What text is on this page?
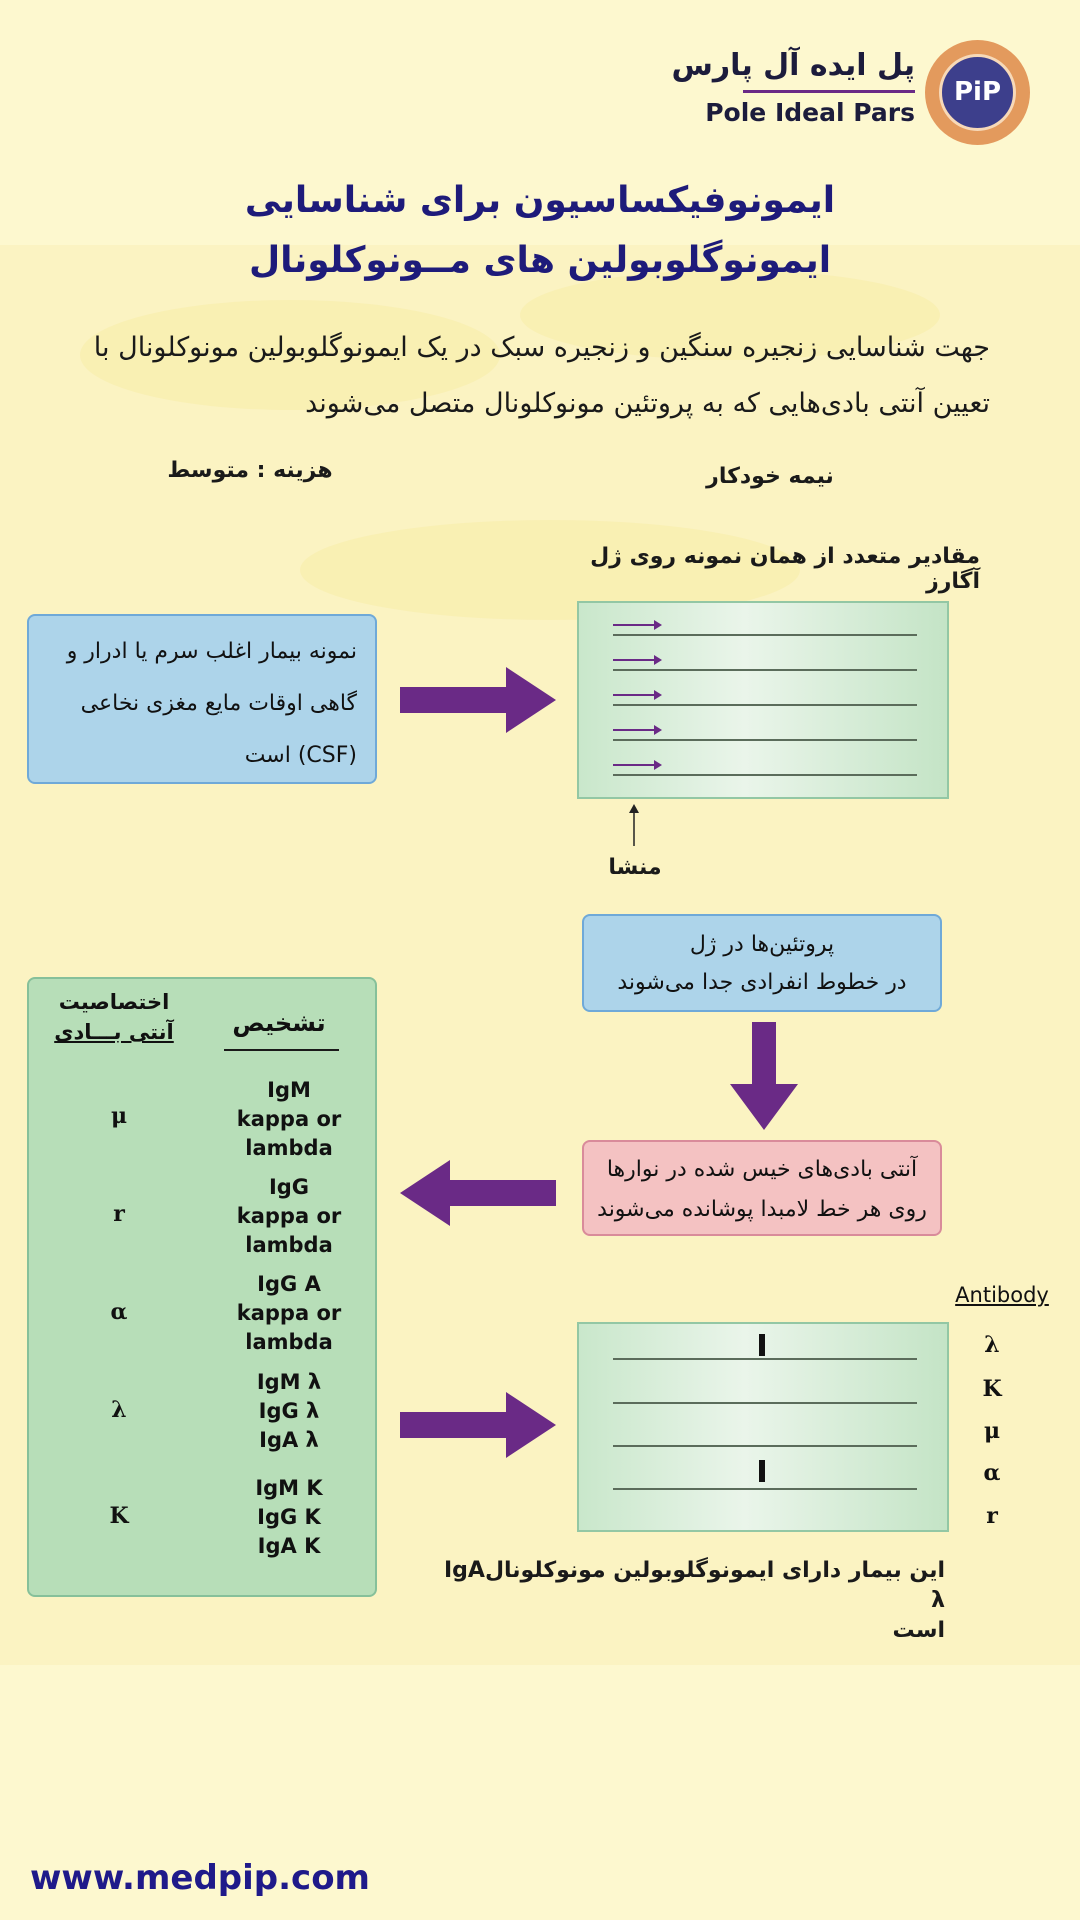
پل ایده آل پارس
Pole Ideal Pars
PiP
ایمونوفیکساسیون برای شناسایی
ایمونوگلوبولین های مــونوکلونال
جهت شناسایی زنجیره سنگین و زنجیره سبک در یک ایمونوگلوبولین مونوکلونال با تعیین آنتی بادی‌هایی که به پروتئین مونوکلونال متصل می‌شوند
هزینه : متوسط	نیمه خودکار
مقادیر متعدد از همان نمونه روی ژل آگارز
نمونه بیمار اغلب سرم یا ادرار و
گاهی اوقات مایع مغزی نخاعی
(CSF) است
منشا
پروتئین‌ها در ژل
در خطوط انفرادی جدا می‌شوند
آنتی بادی‌های خیس شده در نوارها
روی هر خط لامبدا پوشانده می‌شوند
تشخیص
اختصاصیت
آنتی بـــادی
IgM
kappa or
lambda
μ
IgG
kappa or
lambda
r
IgG A
kappa or
lambda
α
IgM λ
IgG λ
IgA λ
λ
IgM K
IgG K
IgA K
K
Antibody
λ
K
μ
α
r
این بیمار دارای ایمونوگلوبولین مونوکلونالIgA λ
است
www.medpip.com
